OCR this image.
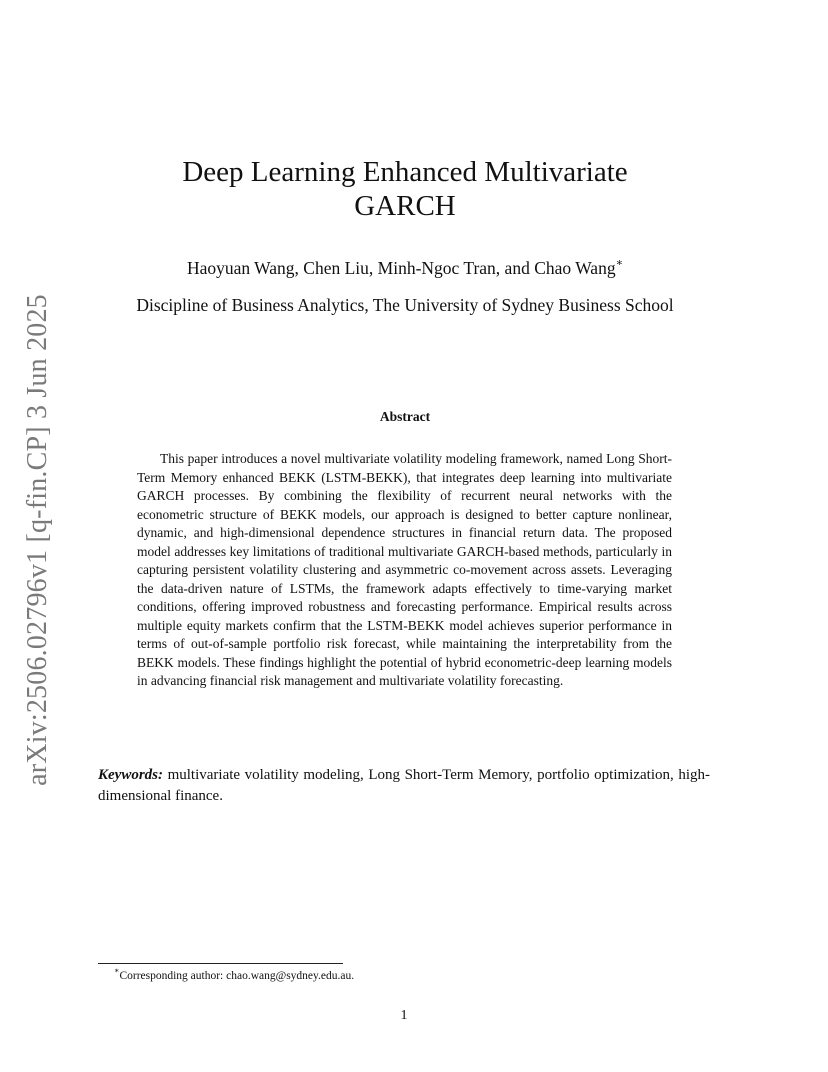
arXiv:2506.02796v1 [q-fin.CP] 3 Jun 2025
Deep Learning Enhanced Multivariate
GARCH

Haoyuan Wang, Chen Liu, Minh-Ngoc Tran, and Chao Wang∗

Discipline of Business Analytics, The University of Sydney Business School

Abstract

This paper introduces a novel multivariate volatility modeling framework, named Long Short-Term Memory enhanced BEKK (LSTM-BEKK), that integrates deep learning into multivariate GARCH processes. By combining the flexibility of recurrent neural networks with the econometric structure of BEKK models, our approach is designed to better capture nonlinear, dynamic, and high-dimensional dependence structures in financial return data. The proposed model addresses key limitations of traditional multivariate GARCH-based methods, particularly in capturing persistent volatility clustering and asymmetric co-movement across assets. Leveraging the data-driven nature of LSTMs, the framework adapts effectively to time-varying market conditions, offering improved robustness and forecasting performance. Empirical results across multiple equity markets confirm that the LSTM-BEKK model achieves superior performance in terms of out-of-sample portfolio risk forecast, while maintaining the interpretability from the BEKK models. These findings highlight the potential of hybrid econometric-deep learning models in advancing financial risk management and multivariate volatility forecasting.

Keywords: multivariate volatility modeling, Long Short-Term Memory, portfolio optimization, high-dimensional finance.

∗Corresponding author: chao.wang@sydney.edu.au.

1
